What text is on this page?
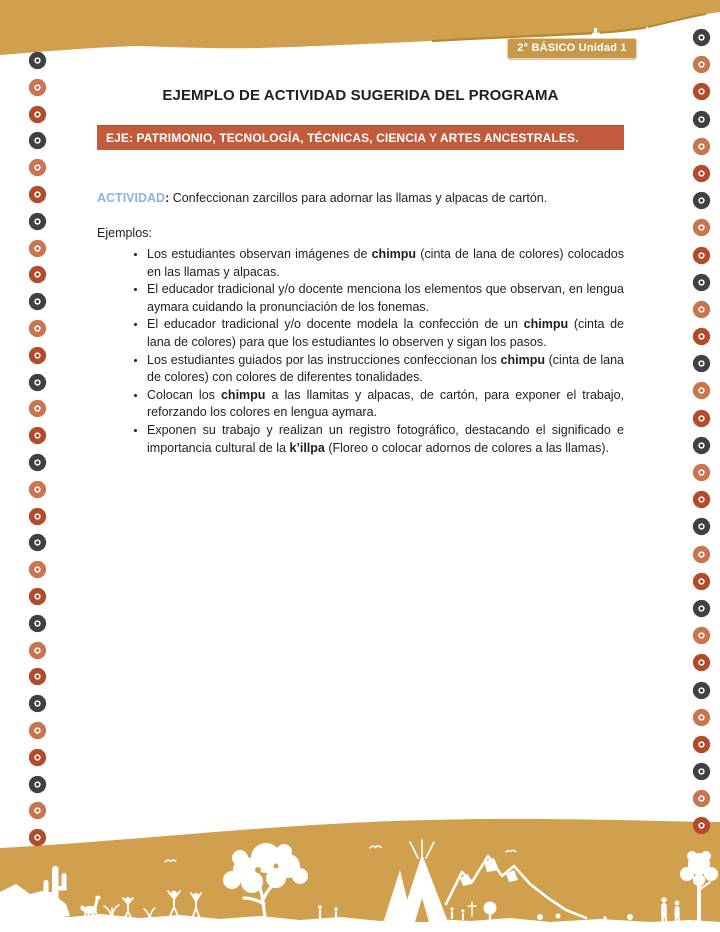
2° BÁSICO Unidad 1
EJEMPLO DE ACTIVIDAD SUGERIDA DEL PROGRAMA
EJE: PATRIMONIO, TECNOLOGÍA, TÉCNICAS, CIENCIA Y ARTES ANCESTRALES.
ACTIVIDAD: Confeccionan zarcillos para adornar las llamas y alpacas de cartón.
Ejemplos:
• Los estudiantes observan imágenes de chimpu (cinta de lana de colores) colocados en las llamas y alpacas.
• El educador tradicional y/o docente menciona los elementos que observan, en lengua aymara cuidando la pronunciación de los fonemas.
• El educador tradicional y/o docente modela la confección de un chimpu (cinta de lana de colores) para que los estudiantes lo observen y sigan los pasos.
• Los estudiantes guiados por las instrucciones confeccionan los chimpu (cinta de lana de colores) con colores de diferentes tonalidades.
• Colocan los chimpu a las llamitas y alpacas, de cartón, para exponer el trabajo, reforzando los colores en lengua aymara.
• Exponen su trabajo y realizan un registro fotográfico, destacando el significado e importancia cultural de la k’illpa (Floreo o colocar adornos de colores a las llamas).
